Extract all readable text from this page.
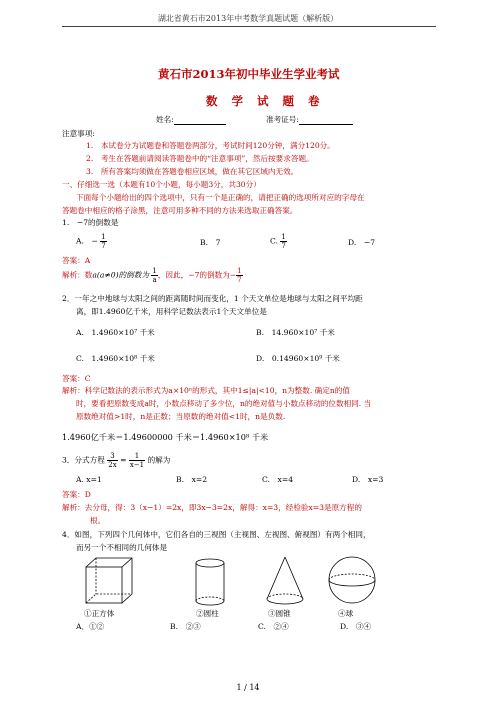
湖北省黄石市2013年中考数学真题试题（解析版）
黄石市2013年初中毕业生学业考试
数 学 试 题 卷
姓名:	准考证号:
注意事项:
1.　本试卷分为试题卷和答题卷两部分，考试时间120分钟，满分120分。
2.　考生在答题前请阅读答题卷中的“注意事项”，然后按要求答题。
3.　所有答案均须做在答题卷相应区域，做在其它区域内无效。
一、仔细选一选（本题有10个小题，每小题3分，共30分）
下面每个小题给出的四个选项中，只有一个是正确的，请把正确的选项所对应的字母在
答题卷中相应的格子涂黑，注意可用多种不同的方法来选取正确答案。
1.　−7的倒数是
A.　− $\frac{1}{7}$	B.　7	C. $\frac{1}{7}$	D.　−7
答案：A
解析：数a(a≠0)的倒数为 $\frac{1}{a}$ ，因此，−7的倒数为− $\frac{1}{7}$
2．一年之中地球与太阳之间的距离随时间而变化，1 个天文单位是地球与太阳之间平均距
离，即1.4960亿千米，用科学记数法表示1个天文单位是
A.　1.4960×10⁷ 千米	B.　14.960×10⁷ 千米
C.　1.4960×10⁸ 千米	D.　0.14960×10⁹ 千米
答案：C
解析：科学记数法的表示形式为a×10ⁿ的形式，其中1≤|a|<10，n为整数. 确定n的值
时，要看把原数变成a时，小数点移动了多少位，n的绝对值与小数点移动的位数相同. 当
原数绝对值>1时，n是正数；当原数的绝对值<1时，n是负数.
1.4960亿千米＝1.49600000 千米＝1.4960×10⁸ 千米
3．分式方程 $\frac{3}{2x} = \frac{1}{x-1}$ 的解为
A. x=1	B.　x=2	C.　x=4	D.　x=3
答案：D
解析：去分母，得：3（x−1）=2x，即3x−3=2x，解得：x=3，经检验x=3是原方程的
根。
4．如图，下列四个几何体中，它们各自的三视图（主视图、左视图、俯视图）有两个相同，
而另一个不相同的几何体是
①正方体	②圆柱	③圆锥	④球
A．①②	B.　②③	C.　②④	D.　③④
1 / 14
